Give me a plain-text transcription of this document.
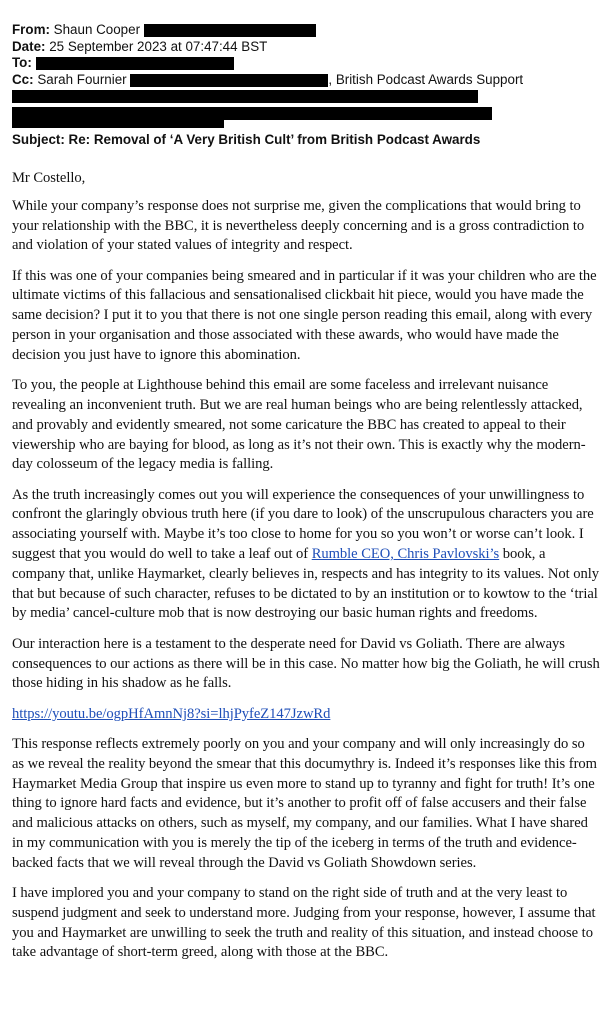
From: Shaun Cooper
Date: 25 September 2023 at 07:47:44 BST
To:
Cc: Sarah Fournier	, British Podcast Awards Support
Subject: Re: Removal of ‘A Very British Cult’ from British Podcast Awards

Mr Costello,

While your company’s response does not surprise me, given the complications that would bring to your relationship with the BBC, it is nevertheless deeply concerning and is a gross contradiction to and violation of your stated values of integrity and respect.

If this was one of your companies being smeared and in particular if it was your children who are the ultimate victims of this fallacious and sensationalised clickbait hit piece, would you have made the same decision? I put it to you that there is not one single person reading this email, along with every person in your organisation and those associated with these awards, who would have made the decision you just have to ignore this abomination.

To you, the people at Lighthouse behind this email are some faceless and irrelevant nuisance revealing an inconvenient truth. But we are real human beings who are being relentlessly attacked, and provably and evidently smeared, not some caricature the BBC has created to appeal to their viewership who are baying for blood, as long as it’s not their own. This is exactly why the modern-day colosseum of the legacy media is falling.

As the truth increasingly comes out you will experience the consequences of your unwillingness to confront the glaringly obvious truth here (if you dare to look) of the unscrupulous characters you are associating yourself with. Maybe it’s too close to home for you so you won’t or worse can’t look. I suggest that you would do well to take a leaf out of Rumble CEO, Chris Pavlovski’s book, a company that, unlike Haymarket, clearly believes in, respects and has integrity to its values. Not only that but because of such character, refuses to be dictated to by an institution or to kowtow to the ‘trial by media’ cancel-culture mob that is now destroying our basic human rights and freedoms.

Our interaction here is a testament to the desperate need for David vs Goliath. There are always consequences to our actions as there will be in this case. No matter how big the Goliath, he will crush those hiding in his shadow as he falls.

https://youtu.be/ogpHfAmnNj8?si=lhjPyfeZ147JzwRd

This response reflects extremely poorly on you and your company and will only increasingly do so as we reveal the reality beyond the smear that this documythry is. Indeed it’s responses like this from Haymarket Media Group that inspire us even more to stand up to tyranny and fight for truth! It’s one thing to ignore hard facts and evidence, but it’s another to profit off of false accusers and their false and malicious attacks on others, such as myself, my company, and our families. What I have shared in my communication with you is merely the tip of the iceberg in terms of the truth and evidence-backed facts that we will reveal through the David vs Goliath Showdown series.

I have implored you and your company to stand on the right side of truth and at the very least to suspend judgment and seek to understand more. Judging from your response, however, I assume that you and Haymarket are unwilling to seek the truth and reality of this situation, and instead choose to take advantage of short-term greed, along with those at the BBC.
